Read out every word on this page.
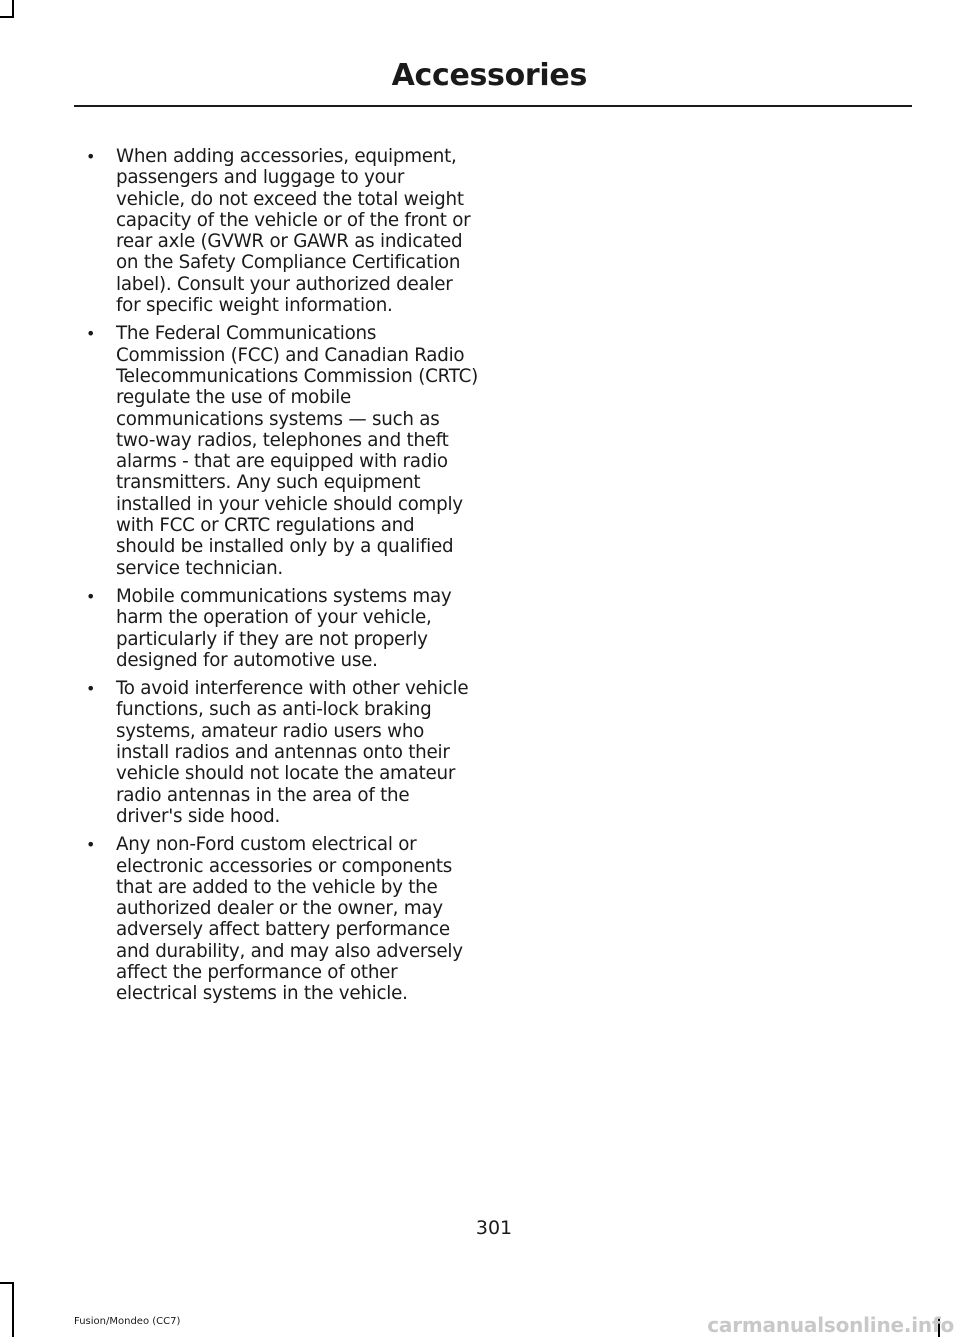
Accessories
• When adding accessories, equipment, passengers and luggage to your vehicle, do not exceed the total weight capacity of the vehicle or of the front or rear axle (GVWR or GAWR as indicated on the Safety Compliance Certification label). Consult your authorized dealer for specific weight information.
• The Federal Communications Commission (FCC) and Canadian Radio Telecommunications Commission (CRTC) regulate the use of mobile communications systems — such as two-way radios, telephones and theft alarms - that are equipped with radio transmitters. Any such equipment installed in your vehicle should comply with FCC or CRTC regulations and should be installed only by a qualified service technician.
• Mobile communications systems may harm the operation of your vehicle, particularly if they are not properly designed for automotive use.
• To avoid interference with other vehicle functions, such as anti-lock braking systems, amateur radio users who install radios and antennas onto their vehicle should not locate the amateur radio antennas in the area of the driver's side hood.
• Any non-Ford custom electrical or electronic accessories or components that are added to the vehicle by the authorized dealer or the owner, may adversely affect battery performance and durability, and may also adversely affect the performance of other electrical systems in the vehicle.
301
Fusion/Mondeo (CC7)	carmanualsonline.info
